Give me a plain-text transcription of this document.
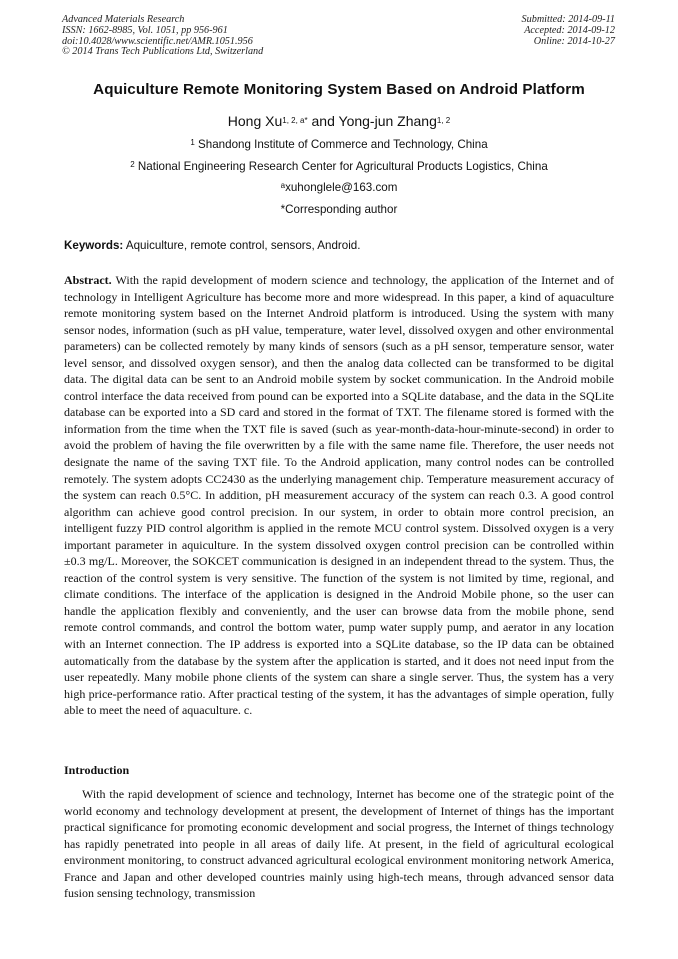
Advanced Materials Research
ISSN: 1662-8985, Vol. 1051, pp 956-961
doi:10.4028/www.scientific.net/AMR.1051.956
© 2014 Trans Tech Publications Ltd, Switzerland
Submitted: 2014-09-11
Accepted: 2014-09-12
Online: 2014-10-27
Aquiculture Remote Monitoring System Based on Android Platform
Hong $Xu^{1, 2, a*}$ and Yong-jun Zhang$^{1, 2}$
$^1$ Shandong Institute of Commerce and Technology, China
$^2$ National Engineering Research Center for Agricultural Products Logistics, China
$^a$xuhonglele@163.com
*Corresponding author
Keywords: Aquiculture, remote control, sensors, Android.

Abstract. With the rapid development of modern science and technology, the application of the Internet and of technology in Intelligent Agriculture has become more and more widespread. In this paper, a kind of aquaculture remote monitoring system based on the Internet Android platform is introduced. Using the system with many sensor nodes, information (such as pH value, temperature, water level, dissolved oxygen and other environmental parameters) can be collected remotely by many kinds of sensors (such as a pH sensor, temperature sensor, water level sensor, and dissolved oxygen sensor), and then the analog data collected can be transformed to be digital data. The digital data can be sent to an Android mobile system by socket communication. In the Android mobile control interface the data received from pound can be exported into a SQLite database, and the data in the SQLite database can be exported into a SD card and stored in the format of TXT. The filename stored is formed with the information from the time when the TXT file is saved (such as year-month-data-hour-minute-second) in order to avoid the problem of having the file overwritten by a file with the same name file. Therefore, the user needs not designate the name of the saving TXT file. To the Android application, many control nodes can be controlled remotely. The system adopts CC2430 as the underlying management chip. Temperature measurement accuracy of the system can reach 0.5°C. In addition, pH measurement accuracy of the system can reach 0.3. A good control algorithm can achieve good control precision. In our system, in order to obtain more control precision, an intelligent fuzzy PID control algorithm is applied in the remote MCU control system. Dissolved oxygen is a very important parameter in aquiculture. In the system dissolved oxygen control precision can be controlled within ±0.3 mg/L. Moreover, the SOKCET communication is designed in an independent thread to the system. Thus, the reaction of the control system is very sensitive. The function of the system is not limited by time, regional, and climate conditions. The interface of the application is designed in the Android Mobile phone, so the user can handle the application flexibly and conveniently, and the user can browse data from the mobile phone, send remote control commands, and control the bottom water, pump water supply pump, and aerator in any location with an Internet connection. The IP address is exported into a SQLite database, so the IP data can be obtained automatically from the database by the system after the application is started, and it does not need input from the user repeatedly. Many mobile phone clients of the system can share a single server. Thus, the system has a very high price-performance ratio. After practical testing of the system, it has the advantages of simple operation, fully able to meet the need of aquaculture. c.

Introduction

With the rapid development of science and technology, Internet has become one of the strategic point of the world economy and technology development at present, the development of Internet of things has the important practical significance for promoting economic development and social progress, the Internet of things technology has rapidly penetrated into people in all areas of daily life. At present, in the field of agricultural ecological environment monitoring, to construct advanced agricultural ecological environment monitoring network America, France and Japan and other developed countries mainly using high-tech means, through advanced sensor data fusion sensing technology, transmission
